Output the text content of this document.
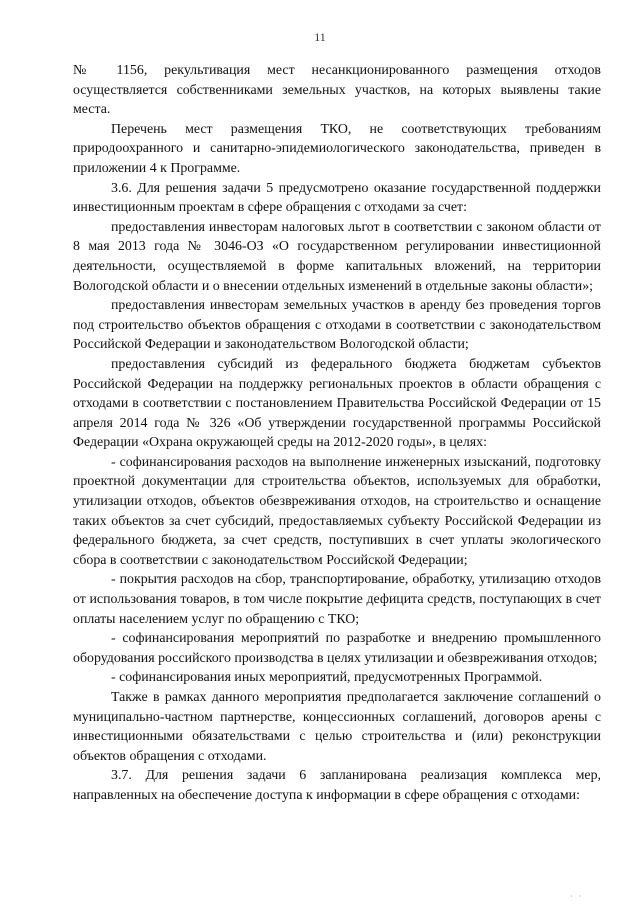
11

№ 1156, рекультивация мест несанкционированного размещения отходов осуществляется собственниками земельных участков, на которых выявлены такие места.

Перечень мест размещения ТКО, не соответствующих требованиям природоохранного и санитарно-эпидемиологического законодательства, приведен в приложении 4 к Программе.

3.6. Для решения задачи 5 предусмотрено оказание государственной поддержки инвестиционным проектам в сфере обращения с отходами за счет:

предоставления инвесторам налоговых льгот в соответствии с законом области от 8 мая 2013 года № 3046-ОЗ «О государственном регулировании инвестиционной деятельности, осуществляемой в форме капитальных вложений, на территории Вологодской области и о внесении отдельных изменений в отдельные законы области»;

предоставления инвесторам земельных участков в аренду без проведения торгов под строительство объектов обращения с отходами в соответствии с законодательством Российской Федерации и законодательством Вологодской области;

предоставления субсидий из федерального бюджета бюджетам субъектов Российской Федерации на поддержку региональных проектов в области обращения с отходами в соответствии с постановлением Правительства Российской Федерации от 15 апреля 2014 года № 326 «Об утверждении государственной программы Российской Федерации «Охрана окружающей среды на 2012-2020 годы», в целях:

- софинансирования расходов на выполнение инженерных изысканий, подготовку проектной документации для строительства объектов, используемых для обработки, утилизации отходов, объектов обезвреживания отходов, на строительство и оснащение таких объектов за счет субсидий, предоставляемых субъекту Российской Федерации из федерального бюджета, за счет средств, поступивших в счет уплаты экологического сбора в соответствии с законодательством Российской Федерации;

- покрытия расходов на сбор, транспортирование, обработку, утилизацию отходов от использования товаров, в том числе покрытие дефицита средств, поступающих в счет оплаты населением услуг по обращению с ТКО;

- софинансирования мероприятий по разработке и внедрению промышленного оборудования российского производства в целях утилизации и обезвреживания отходов;

- софинансирования иных мероприятий, предусмотренных Программой.

Также в рамках данного мероприятия предполагается заключение соглашений о муниципально-частном партнерстве, концессионных соглашений, договоров арены с инвестиционными обязательствами с целью строительства и (или) реконструкции объектов обращения с отходами.

3.7. Для решения задачи 6 запланирована реализация комплекса мер, направленных на обеспечение доступа к информации в сфере обращения с отходами:

· ·
